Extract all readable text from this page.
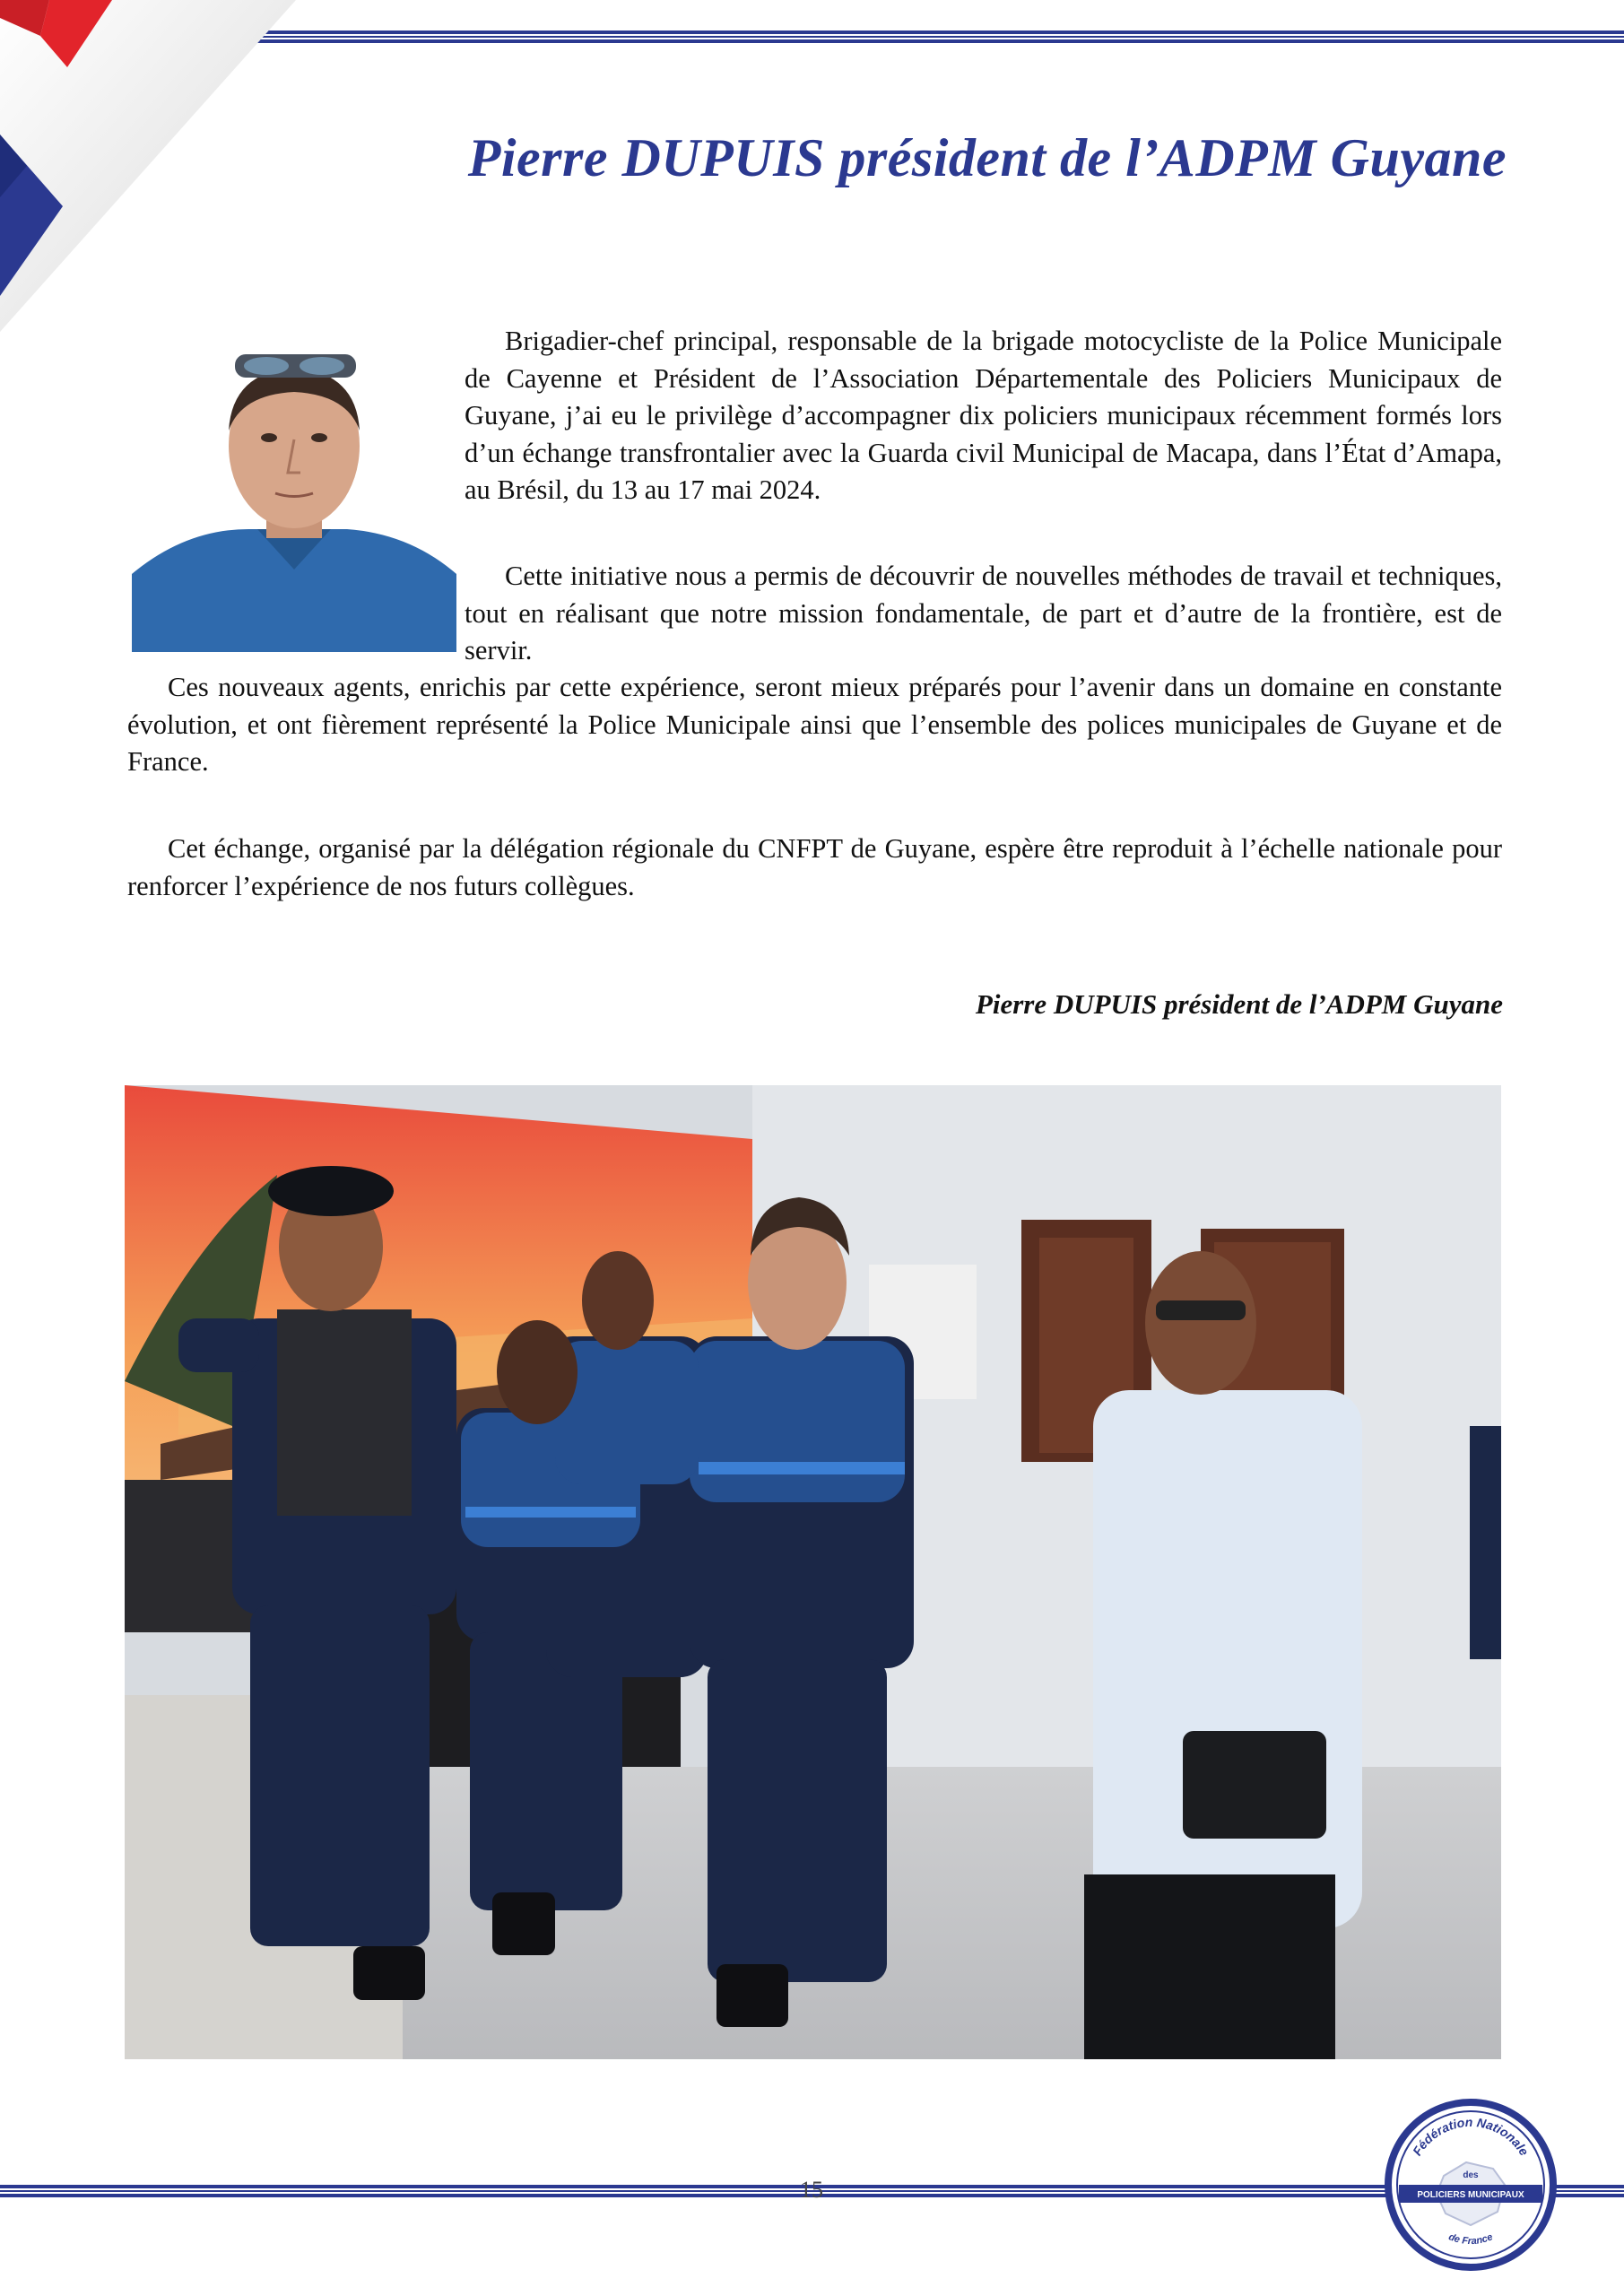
Pierre DUPUIS président de l’ADPM Guyane

Brigadier-chef principal, responsable de la brigade motocycliste de la Police Municipale de Cayenne et Président de l’Association Départementale des Policiers Municipaux de Guyane, j’ai eu le privilège d’accompagner dix policiers municipaux récemment formés lors d’un échange transfrontalier avec la Guarda civil Municipal de Macapa, dans l’État d’Amapa, au Brésil, du 13 au 17 mai 2024.

Cette initiative nous a permis de découvrir de nouvelles méthodes de travail et techniques, tout en réalisant que notre mission fondamentale, de part et d’autre de la frontière, est de servir.

Ces nouveaux agents, enrichis par cette expérience, seront mieux préparés pour l’avenir dans un domaine en constante évolution, et ont fièrement représenté la Police Municipale ainsi que l’ensemble des polices municipales de Guyane et de France.

Cet échange, organisé par la délégation régionale du CNFPT de Guyane, espère être reproduit à l’échelle nationale pour renforcer l’expérience de nos futurs collègues.

Pierre DUPUIS président de l’ADPM Guyane

15
Fédération Nationale
des
POLICIERS MUNICIPAUX
de France
